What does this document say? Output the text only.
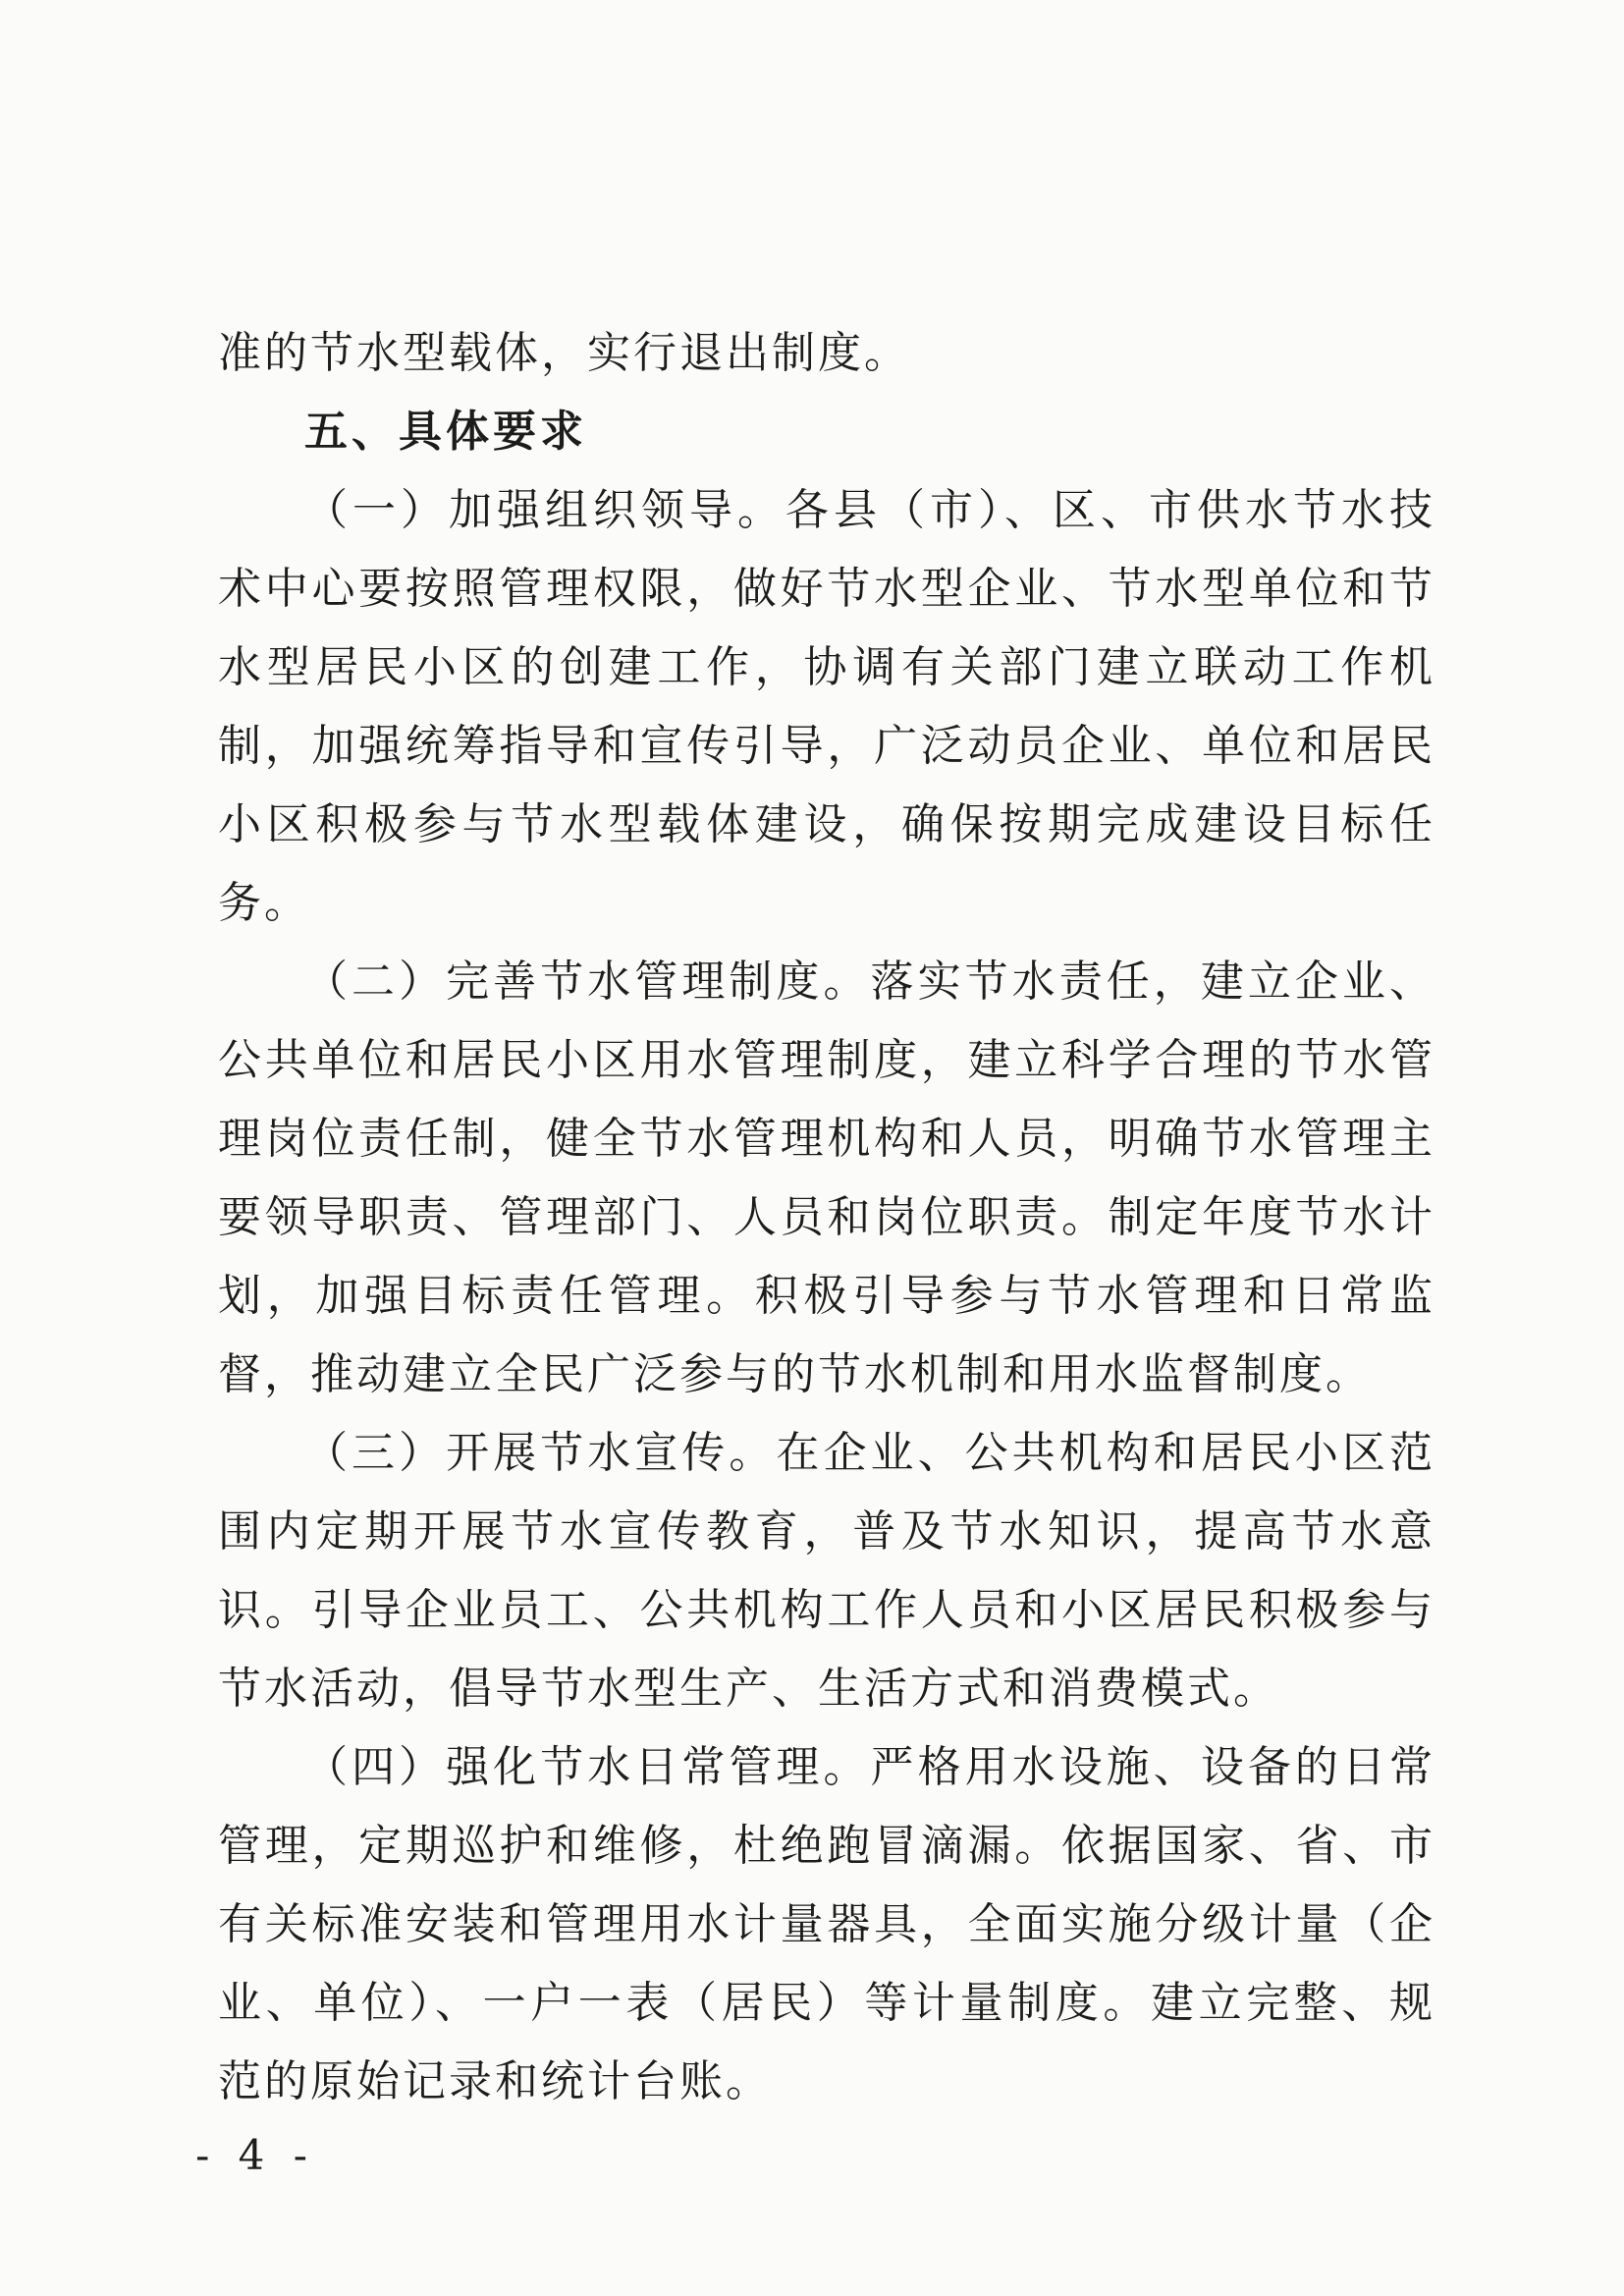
准的节水型载体，实行退出制度。

五、具体要求

（一）加强组织领导。各县（市）、区、市供水节水技术中心要按照管理权限，做好节水型企业、节水型单位和节水型居民小区的创建工作，协调有关部门建立联动工作机制，加强统筹指导和宣传引导，广泛动员企业、单位和居民小区积极参与节水型载体建设，确保按期完成建设目标任务。

（二）完善节水管理制度。落实节水责任，建立企业、公共单位和居民小区用水管理制度，建立科学合理的节水管理岗位责任制，健全节水管理机构和人员，明确节水管理主要领导职责、管理部门、人员和岗位职责。制定年度节水计划，加强目标责任管理。积极引导参与节水管理和日常监督，推动建立全民广泛参与的节水机制和用水监督制度。

（三）开展节水宣传。在企业、公共机构和居民小区范围内定期开展节水宣传教育，普及节水知识，提高节水意识。引导企业员工、公共机构工作人员和小区居民积极参与节水活动，倡导节水型生产、生活方式和消费模式。

（四）强化节水日常管理。严格用水设施、设备的日常管理，定期巡护和维修，杜绝跑冒滴漏。依据国家、省、市有关标准安装和管理用水计量器具，全面实施分级计量（企业、单位）、一户一表（居民）等计量制度。建立完整、规范的原始记录和统计台账。

- 4 -
